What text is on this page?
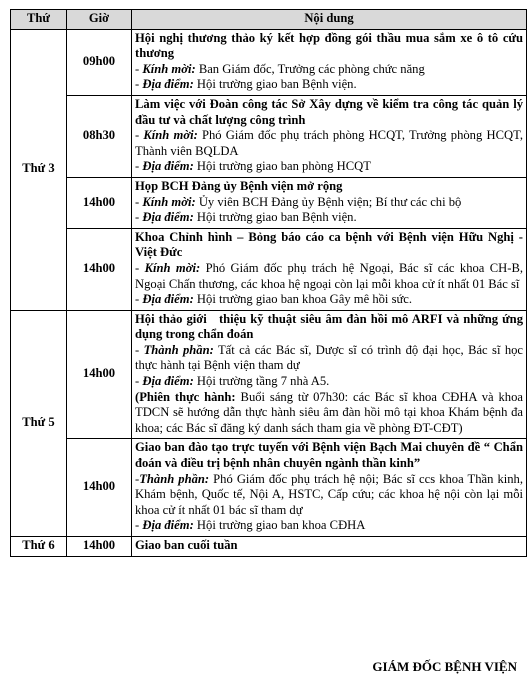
Thứ	Giờ	Nội dung
Thứ 3	09h00	Hội nghị thương thảo ký kết hợp đồng gói thầu mua sắm xe ô tô cứu thương
- Kính mời: Ban Giám đốc, Trưởng các phòng chức năng
- Địa điểm: Hội trường giao ban Bệnh viện.

	08h30	Làm việc với Đoàn công tác Sở Xây dựng về kiểm tra công tác quản lý đầu tư và chất lượng công trình
- Kính mời: Phó Giám đốc phụ trách phòng HCQT, Trưởng phòng HCQT, Thành viên BQLDA
- Địa điểm: Hội trường giao ban phòng HCQT

	14h00	Họp BCH Đảng ủy Bệnh viện mở rộng
- Kính mời: Ủy viên BCH Đảng ủy Bệnh viện; Bí thư các chi bộ
- Địa điểm: Hội trường giao ban Bệnh viện.

	14h00	Khoa Chỉnh hình – Bỏng báo cáo ca bệnh với Bệnh viện Hữu Nghị - Việt Đức
- Kính mời: Phó Giám đốc phụ trách hệ Ngoại, Bác sĩ các khoa CH-B, Ngoại Chấn thương, các khoa hệ ngoại còn lại mỗi khoa cử ít nhất 01 Bác sĩ
- Địa điểm: Hội trường giao ban khoa Gây mê hồi sức.

Thứ 5	14h00	Hội thảo giới   thiệu kỹ thuật siêu âm đàn hồi mô ARFI và những ứng dụng trong chẩn đoán
- Thành phần: Tất cả các Bác sĩ, Dược sĩ có trình độ đại học, Bác sĩ học thực hành tại Bệnh viện tham dự
- Địa điểm: Hội trường tầng 7 nhà A5.
(Phiên thực hành: Buổi sáng từ 07h30: các Bác sĩ khoa CĐHA và khoa TDCN sẽ hướng dẫn thực hành siêu âm đàn hồi mô tại khoa Khám bệnh đa khoa; các Bác sĩ đăng ký danh sách tham gia về phòng ĐT-CĐT)

	14h00	Giao ban đào tạo trực tuyến với Bệnh viện Bạch Mai chuyên đề “ Chẩn đoán và điều trị bệnh nhân chuyên ngành thần kinh”
-Thành phần: Phó Giám đốc phụ trách hệ nội; Bác sĩ ccs khoa Thần kinh, Khám bệnh, Quốc tế, Nội A, HSTC, Cấp cứu; các khoa hệ nội còn lại mỗi khoa cử ít nhất 01 bác sĩ tham dự
- Địa điểm: Hội trường giao ban khoa CĐHA

Thứ 6	14h00	Giao ban cuối tuần
GIÁM ĐỐC BỆNH VIỆN
